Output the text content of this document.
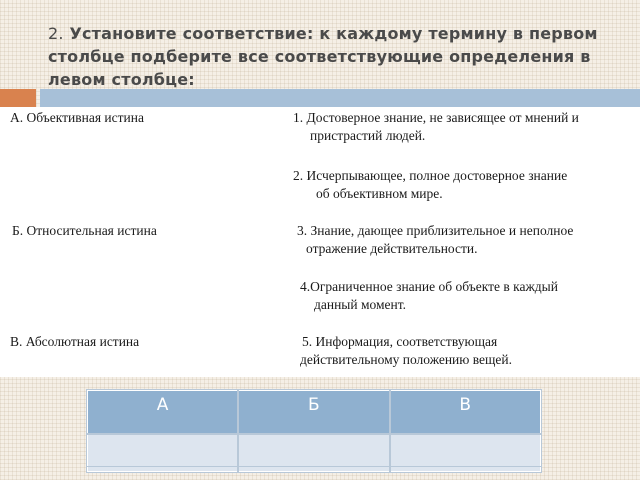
2. Установите соответствие: к каждому термину в первом столбце подберите все соответствующие определения в левом столбце:
А. Объективная истина
Б. Относительная истина
В. Абсолютная истина
1. Достоверное знание, не зависящее от мнений и
пристрастий людей.
2. Исчерпывающее, полное достоверное знание
об объективном мире.
3. Знание, дающее приблизительное и неполное
отражение действительности.
4.Ограниченное знание об объекте в каждый
данный момент.
5. Информация, соответствующая
действительному положению вещей.
А	Б	В
